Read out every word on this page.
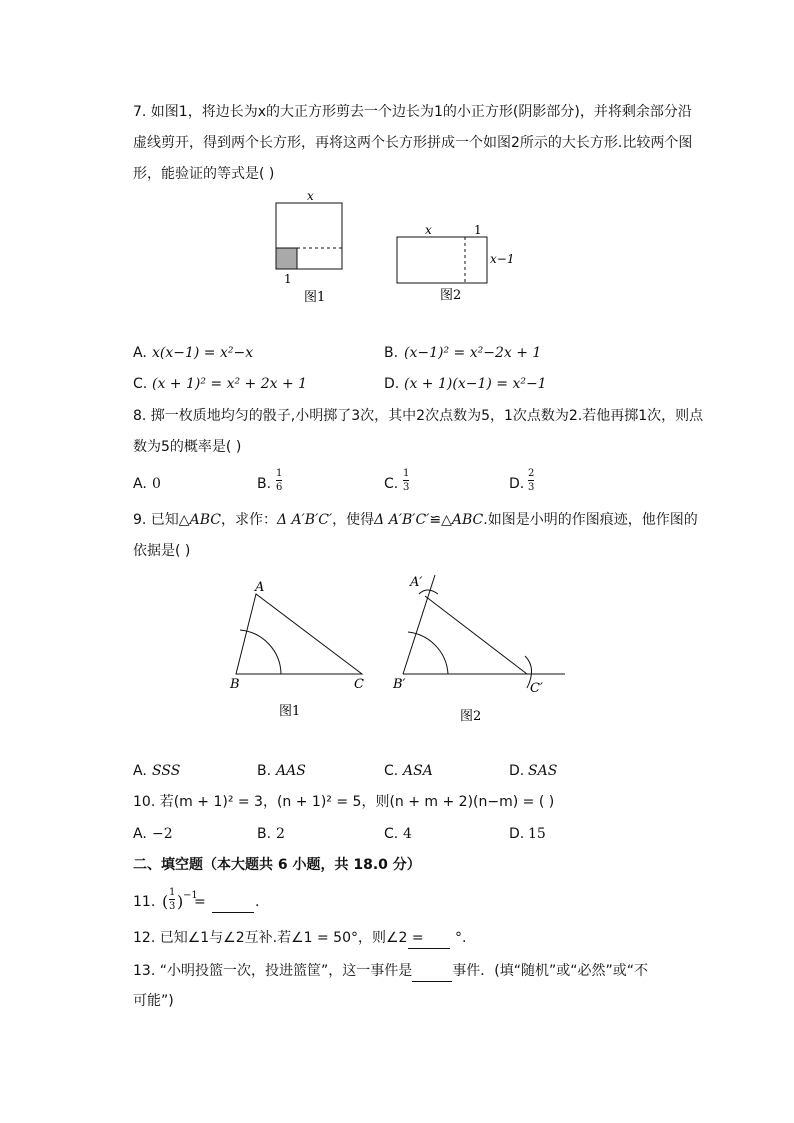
7. 如图1，将边长为x的大正方形剪去一个边长为1的小正方形(阴影部分)，并将剩余部分沿
虚线剪开，得到两个长方形，再将这两个长方形拼成一个如图2所示的大长方形.比较两个图
形，能验证的等式是( )
x
1
图1
x	1
x−1
图2
A. x(x−1) = x²−x	B. (x−1)² = x²−2x + 1
C. (x + 1)² = x² + 2x + 1	D. (x + 1)(x−1) = x²−1
8. 掷一枚质地均匀的骰子,小明掷了3次，其中2次点数为5，1次点数为2.若他再掷1次，则点
数为5的概率是( )
A. 0	B.
1
6	C.
1
3	D.
2
3
9. 已知△ABC，求作：Δ A′B′C′，使得Δ A′B′C′≌△ABC.如图是小明的作图痕迹，他作图的
依据是( )
A
B	C
图1
A′
B′	C′
图2
A. SSS	B. AAS	C. ASA	D. SAS
10. 若(m + 1)² = 3，(n + 1)² = 5，则(n + m + 2)(n−m) = ( )
A. −2	B. 2	C. 4	D. 15
二、填空题（本大题共 6 小题，共 18.0 分）
11. ( 1
3 ) −1
=
	.
12. 已知∠1与∠2互补.若∠1 = 50°，则∠2 =
°.
13. “小明投篮一次，投进篮筐”，这一事件是	事件．(填“随机”或“必然”或“不
可能”)
